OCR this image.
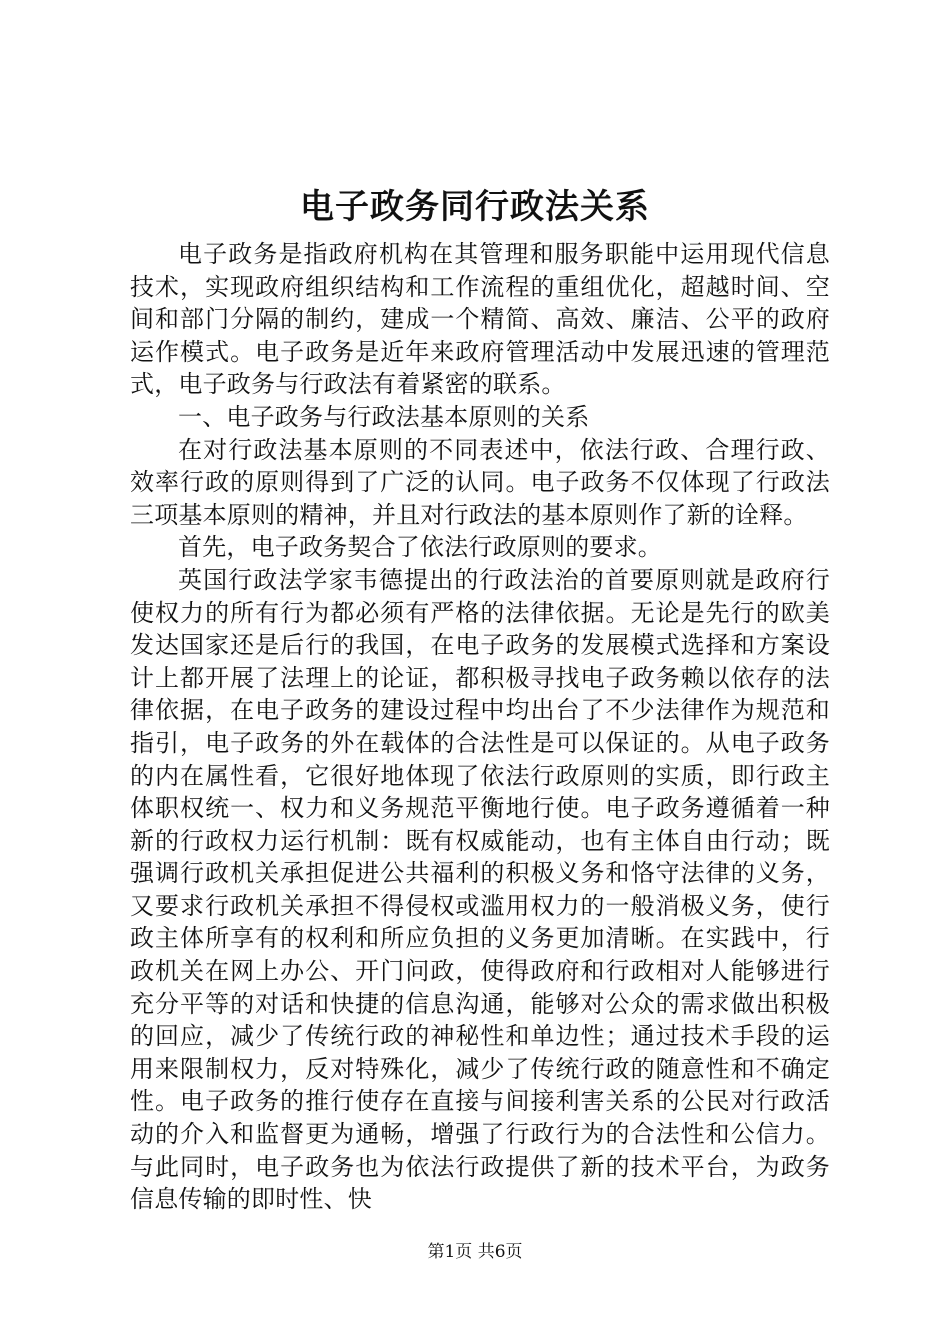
电子政务同行政法关系

电子政务是指政府机构在其管理和服务职能中运用现代信息技术，实现政府组织结构和工作流程的重组优化，超越时间、空间和部门分隔的制约，建成一个精简、高效、廉洁、公平的政府运作模式。电子政务是近年来政府管理活动中发展迅速的管理范式，电子政务与行政法有着紧密的联系。

一、电子政务与行政法基本原则的关系

在对行政法基本原则的不同表述中，依法行政、合理行政、效率行政的原则得到了广泛的认同。电子政务不仅体现了行政法三项基本原则的精神，并且对行政法的基本原则作了新的诠释。

首先，电子政务契合了依法行政原则的要求。

英国行政法学家韦德提出的行政法治的首要原则就是政府行使权力的所有行为都必须有严格的法律依据。无论是先行的欧美发达国家还是后行的我国，在电子政务的发展模式选择和方案设计上都开展了法理上的论证，都积极寻找电子政务赖以依存的法律依据，在电子政务的建设过程中均出台了不少法律作为规范和指引，电子政务的外在载体的合法性是可以保证的。从电子政务的内在属性看，它很好地体现了依法行政原则的实质，即行政主体职权统一、权力和义务规范平衡地行使。电子政务遵循着一种新的行政权力运行机制：既有权威能动，也有主体自由行动；既强调行政机关承担促进公共福利的积极义务和恪守法律的义务，又要求行政机关承担不得侵权或滥用权力的一般消极义务，使行政主体所享有的权利和所应负担的义务更加清晰。在实践中，行政机关在网上办公、开门问政，使得政府和行政相对人能够进行充分平等的对话和快捷的信息沟通，能够对公众的需求做出积极的回应，减少了传统行政的神秘性和单边性；通过技术手段的运用来限制权力，反对特殊化，减少了传统行政的随意性和不确定性。电子政务的推行使存在直接与间接利害关系的公民对行政活动的介入和监督更为通畅，增强了行政行为的合法性和公信力。与此同时，电子政务也为依法行政提供了新的技术平台，为政务信息传输的即时性、快

第1页 共6页
